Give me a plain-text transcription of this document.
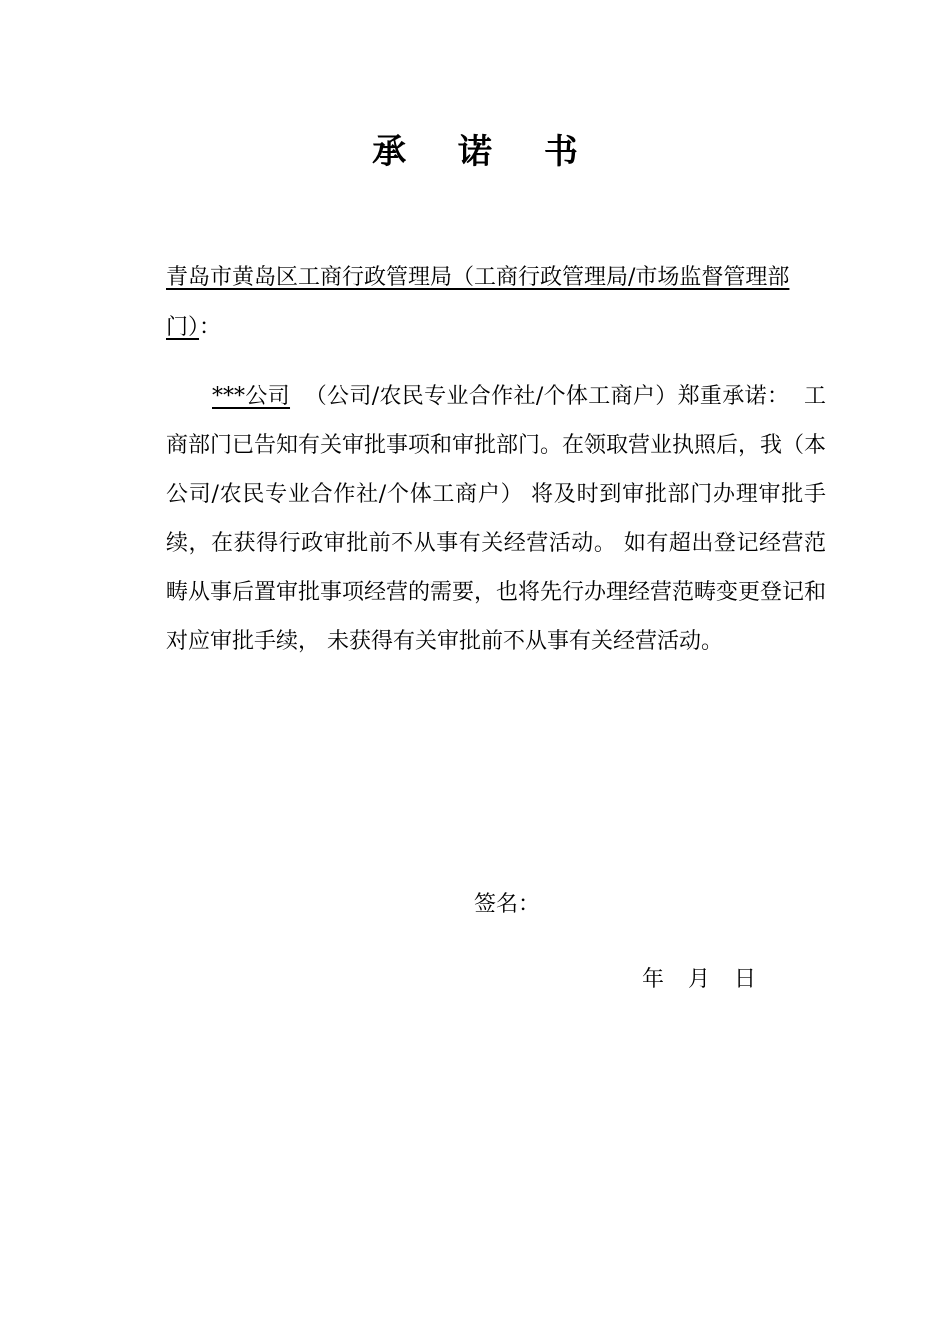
承 诺 书
青岛市黄岛区工商行政管理局（工商行政管理局/市场监督管理部门）：
***公司 （公司/农民专业合作社/个体工商户）郑重承诺： 工商部门已告知有关审批事项和审批部门。在领取营业执照后，我（本公司/农民专业合作社/个体工商户） 将及时到审批部门办理审批手续，在获得行政审批前不从事有关经营活动。 如有超出登记经营范畴从事后置审批事项经营的需要，也将先行办理经营范畴变更登记和对应审批手续， 未获得有关审批前不从事有关经营活动。
签名：
年 月 日
